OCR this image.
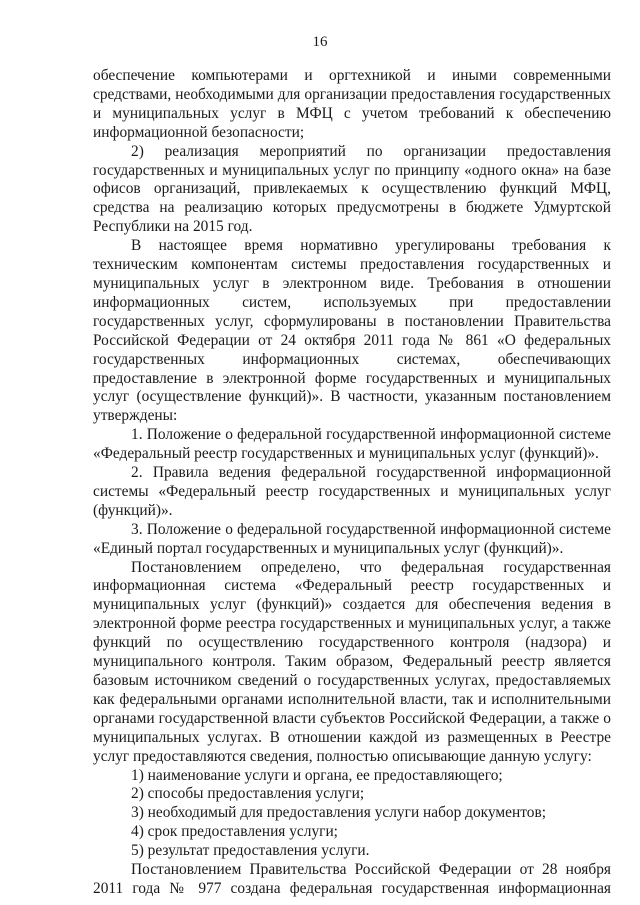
16

обеспечение компьютерами и оргтехникой и иными современными средствами, необходимыми для организации предоставления государственных и муниципальных услуг в МФЦ с учетом требований к обеспечению информационной безопасности;

2) реализация мероприятий по организации предоставления государственных и муниципальных услуг по принципу «одного окна» на базе офисов организаций, привлекаемых к осуществлению функций МФЦ, средства на реализацию которых предусмотрены в бюджете Удмуртской Республики на 2015 год.

В настоящее время нормативно урегулированы требования к техническим компонентам системы предоставления государственных и муниципальных услуг в электронном виде. Требования в отношении информационных систем, используемых при предоставлении государственных услуг, сформулированы в постановлении Правительства Российской Федерации от 24 октября 2011 года № 861 «О федеральных государственных информационных системах, обеспечивающих предоставление в электронной форме государственных и муниципальных услуг (осуществление функций)». В частности, указанным постановлением утверждены:

1. Положение о федеральной государственной информационной системе «Федеральный реестр государственных и муниципальных услуг (функций)».

2. Правила ведения федеральной государственной информационной системы «Федеральный реестр государственных и муниципальных услуг (функций)».

3. Положение о федеральной государственной информационной системе «Единый портал государственных и муниципальных услуг (функций)».

Постановлением определено, что федеральная государственная информационная система «Федеральный реестр государственных и муниципальных услуг (функций)» создается для обеспечения ведения в электронной форме реестра государственных и муниципальных услуг, а также функций по осуществлению государственного контроля (надзора) и муниципального контроля. Таким образом, Федеральный реестр является базовым источником сведений о государственных услугах, предоставляемых как федеральными органами исполнительной власти, так и исполнительными органами государственной власти субъектов Российской Федерации, а также о муниципальных услугах. В отношении каждой из размещенных в Реестре услуг предоставляются сведения, полностью описывающие данную услугу:

1) наименование услуги и органа, ее предоставляющего;

2) способы предоставления услуги;

3) необходимый для предоставления услуги набор документов;

4) срок предоставления услуги;

5) результат предоставления услуги.

Постановлением Правительства Российской Федерации от 28 ноября 2011 года № 977 создана федеральная государственная информационная
